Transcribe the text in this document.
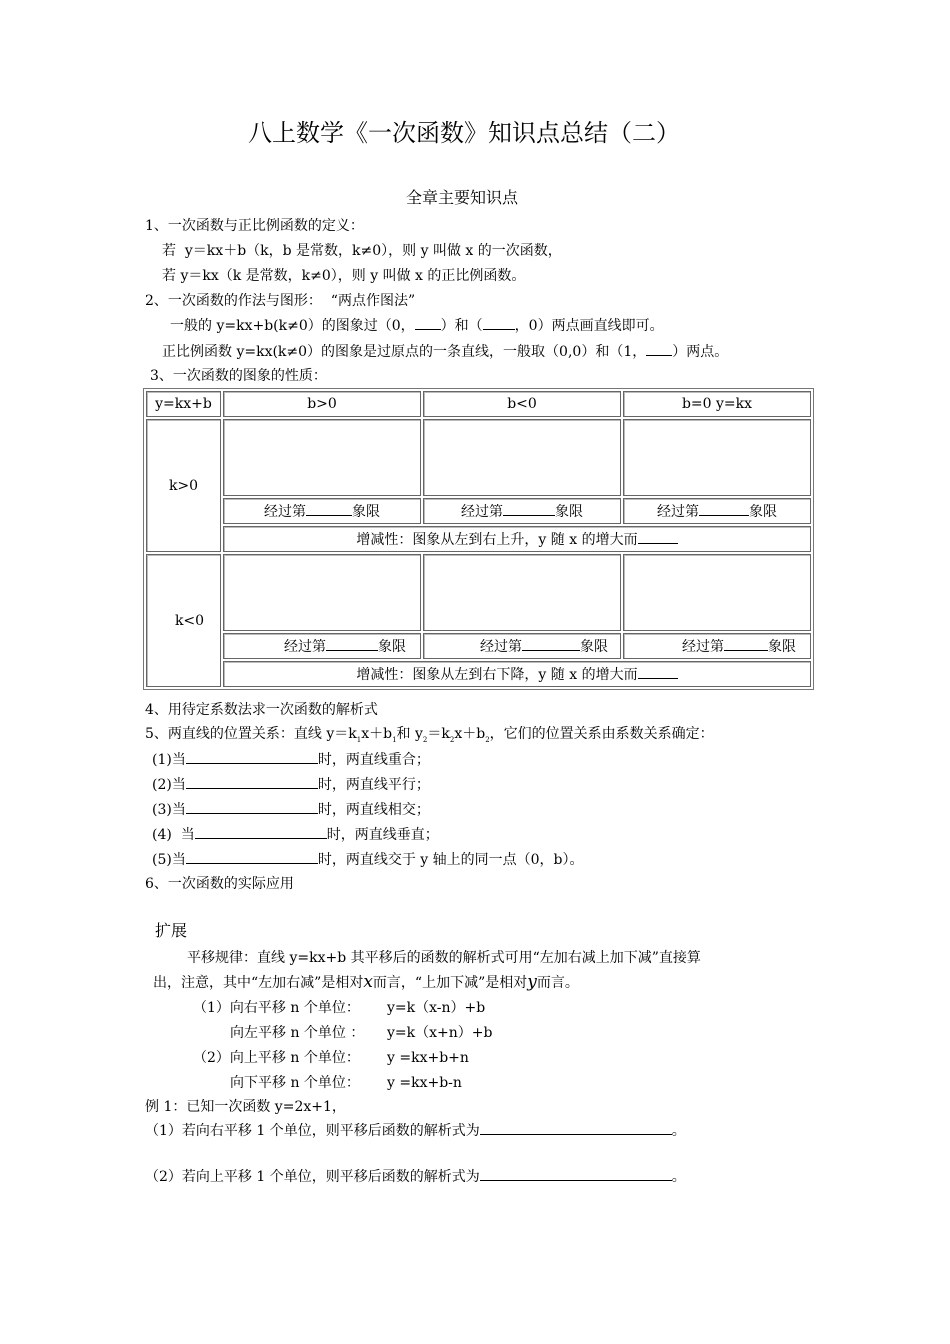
八上数学《一次函数》知识点总结（二）
全章主要知识点
1、一次函数与正比例函数的定义：
若  y＝kx＋b（k，b 是常数，k≠0），则 y 叫做 x 的一次函数，
若 y＝kx（k 是常数，k≠0），则 y 叫做 x 的正比例函数。
2、一次函数的作法与图形：  “两点作图法”
一般的 y=kx+b(k≠0）的图象过（0， ）和（ ，0）两点画直线即可。
正比例函数 y=kx(k≠0）的图象是过原点的一条直线，一般取（0,0）和（1， ）两点。
3、一次函数的图象的性质：
y=kx+b	b>0	b<0	b=0 y=kx
k>0			
	经过第 象限	经过第 象限	经过第 象限
	增减性：图象从左到右上升，y 随 x 的增大而		
k<0			
	经过第 象限	经过第 象限	经过第 象限
	增减性：图象从左到右下降，y 随 x 的增大而		
4、用待定系数法求一次函数的解析式
5、两直线的位置关系：直线 $y=k_1x+b_1$和 $y_2=k_2x+b_2$，它们的位置关系由系数关系确定：
(1)当	时，两直线重合；
(2)当	时，两直线平行；
(3)当	时，两直线相交；
(4)  当	时，两直线垂直；
(5)当	时，两直线交于 y 轴上的同一点（0，b）。
6、一次函数的实际应用
扩展
平移规律：直线 y=kx+b 其平移后的函数的解析式可用“左加右减上加下减”直接算
出，注意，其中“左加右减”是相对x而言，“上加下减”是相对y而言。
（1）向右平移 n 个单位： y=k（x-n）+b
向左平移 n 个单位 ： y=k（x+n）+b
（2）向上平移 n 个单位： y =kx+b+n
向下平移 n 个单位： y =kx+b-n
例 1：已知一次函数 y=2x+1，
（1）若向右平移 1 个单位，则平移后函数的解析式为	。
（2）若向上平移 1 个单位，则平移后函数的解析式为	。
